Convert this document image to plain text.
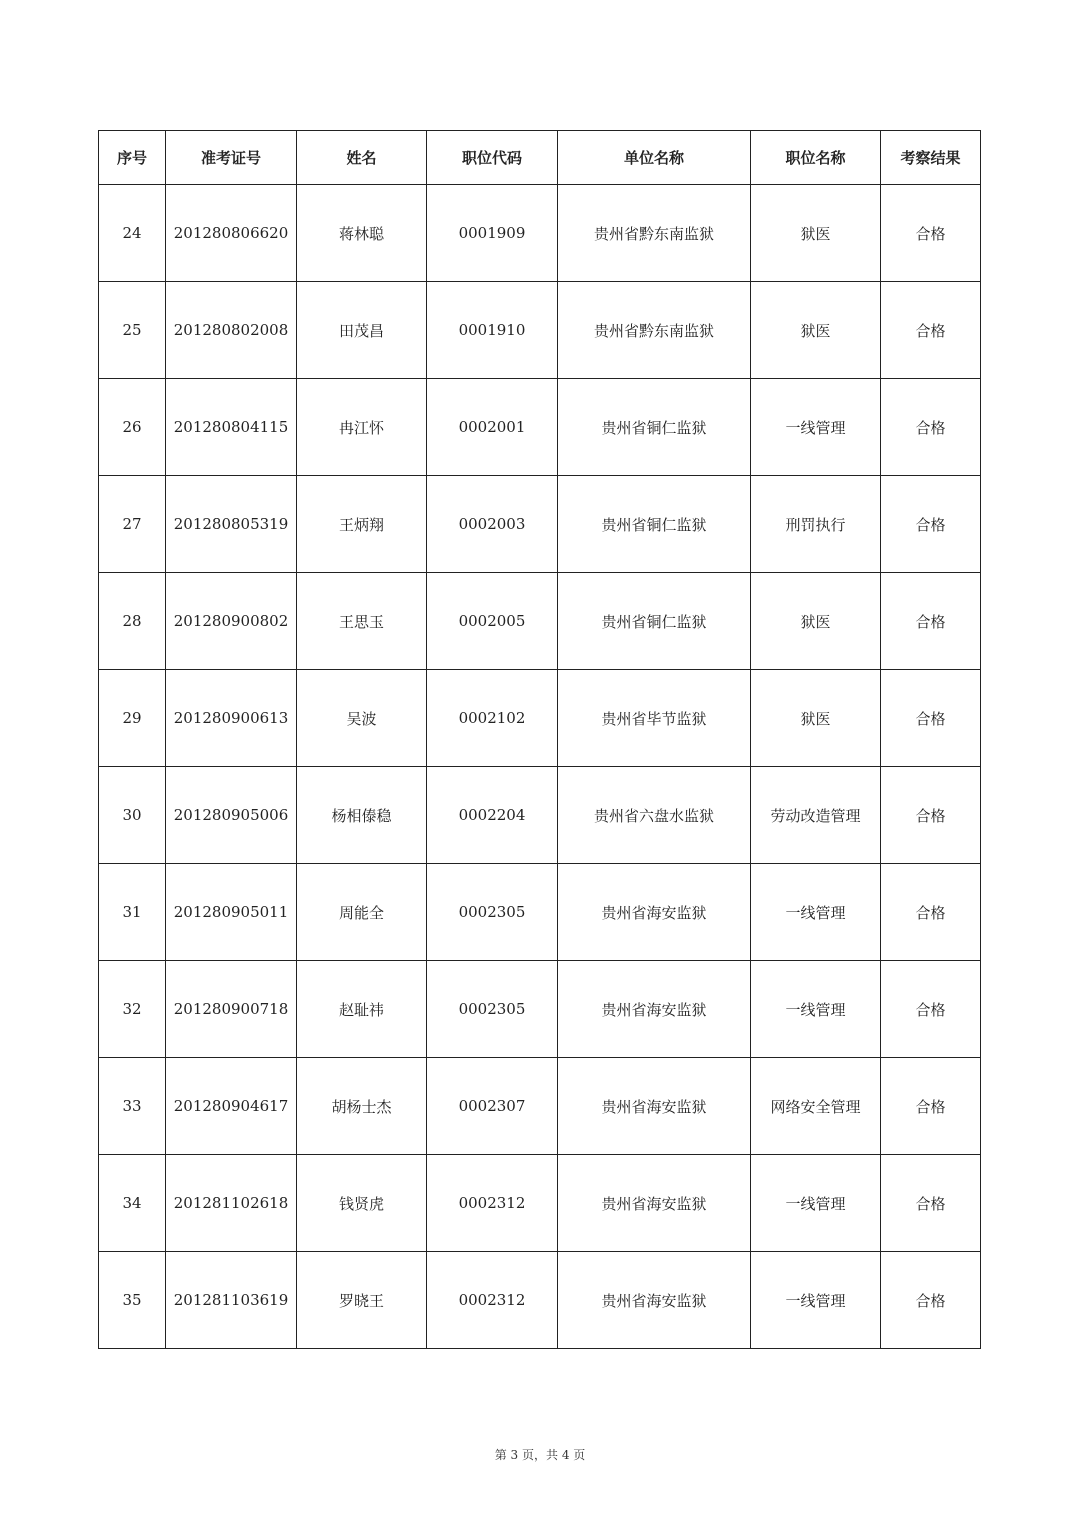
序号	准考证号	姓名	职位代码	单位名称	职位名称	考察结果
24	201280806620	蒋林聪	0001909	贵州省黔东南监狱	狱医	合格
25	201280802008	田茂昌	0001910	贵州省黔东南监狱	狱医	合格
26	201280804115	冉江怀	0002001	贵州省铜仁监狱	一线管理	合格
27	201280805319	王炳翔	0002003	贵州省铜仁监狱	刑罚执行	合格
28	201280900802	王思玉	0002005	贵州省铜仁监狱	狱医	合格
29	201280900613	吴波	0002102	贵州省毕节监狱	狱医	合格
30	201280905006	杨相傣稳	0002204	贵州省六盘水监狱	劳动改造管理	合格
31	201280905011	周能全	0002305	贵州省海安监狱	一线管理	合格
32	201280900718	赵耻祎	0002305	贵州省海安监狱	一线管理	合格
33	201280904617	胡杨士杰	0002307	贵州省海安监狱	网络安全管理	合格
34	201281102618	钱贤虎	0002312	贵州省海安监狱	一线管理	合格
35	201281103619	罗晓王	0002312	贵州省海安监狱	一线管理	合格
第 3 页，共 4 页
